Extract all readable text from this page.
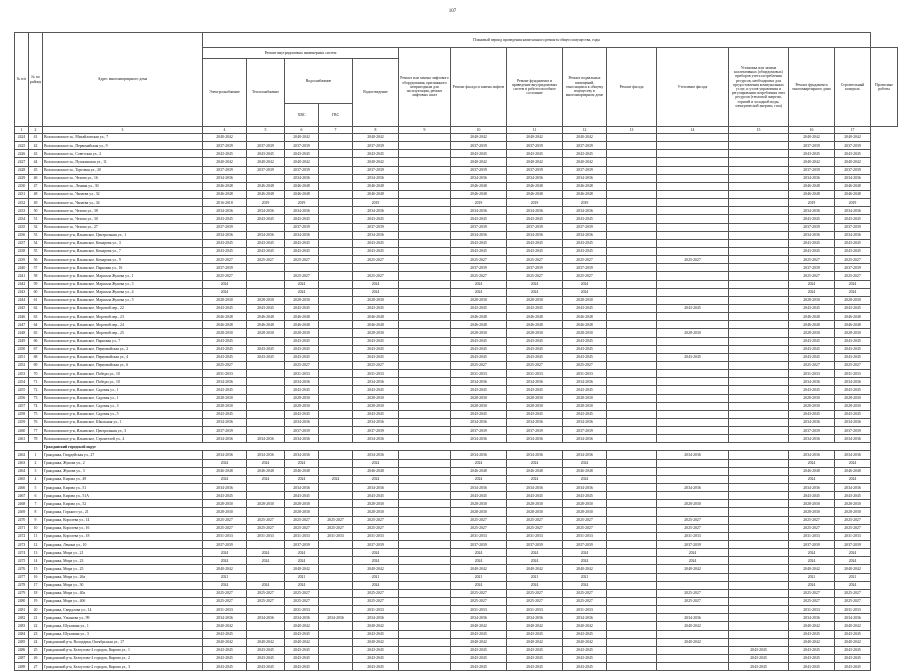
107
№ п/п	№ по району	Адрес многоквартирного дома	Плановый период проведения капитального ремонта общего имущества, годы														
			Ремонт внутридомовых инженерных систем					Ремонт или замена лифтового оборудования, признанного непригодным для эксплуатации, ремонт лифтовых шахт	Ремонт фасада и замена лифтов	Ремонт фундамента и приведение внутридомовых систем в работоспособное состояние	Ремонт подвальных помещений, относящихся к общему имуществу в многоквартирном доме	Ремонт фасада	Утепление фасада	Установка или замена коллективных (общедомовых) приборов учета потребления ресурсов, необходимых для предоставления коммунальных услуг, и узлов управления и регулирования потребления этих ресурсов (тепловой энергии, горячей и холодной воды, электрической энергии, газа)	Ремонт фундамента многоквартирного дома	Строительный контроль	Проектные работы
			Электроснабжение	Теплоснабжение	Водоснабжение		Водоотведение										
					ХВС	ГВС											
1	2	3	4	5	6	7	8	9	10	11	12	13	14	15	16	17	
2424	41	Волоколамское ш., Михайловская ул., 7	2040-2042		2040-2042		2040-2042		2040-2042	2040-2042	2040-2042				2040-2042	2040-2042	
2425	42	Волоколамское ш., Первомайская ул., 9	2037-2039	2037-2039	2037-2039		2037-2039		2037-2039	2037-2039	2037-2039				2037-2039	2037-2039	
2426	43	Волоколамское ш., Советская ул., 2	2043-2045	2043-2045	2043-2045		2043-2045		2043-2045	2043-2045	2043-2045				2043-2045	2043-2045	
2427	44	Волоколамское ш., Пушкинская ул., 11	2040-2042	2040-2042	2040-2042		2040-2042		2040-2042	2040-2042	2040-2042				2040-2042	2040-2042	
2428	45	Волоколамское ш., Торговая ул., 20	2037-2039	2037-2039	2037-2039		2037-2039		2037-2039	2037-2039	2037-2039				2037-2039	2037-2039	
2429	46	Волоколамское ш., Чехова ул., 16	2034-2036		2034-2036		2034-2036		2034-2036	2034-2036	2034-2036				2034-2036	2034-2036	
2430	47	Волоколамское ш., Ленина ул., 30	2046-2048	2046-2048	2046-2048		2046-2048		2046-2048	2046-2048	2046-2048				2046-2048	2046-2048	
2431	48	Волоколамское ш., Чапаева ул., 32	2046-2048	2046-2048	2046-2048		2046-2048		2046-2048	2046-2048	2046-2048				2046-2048	2046-2048	
2432	49	Волоколамское ш., Чапаева ул., 34	2016-2018	2019	2019		2019		2019	2019	2019				2019	2019	
2433	50	Волоколамское ш., Чехова ул., 38	2034-2036	2034-2036	2034-2036		2034-2036		2034-2036	2034-2036	2034-2036				2034-2036	2034-2036	
2434	51	Волоколамское ш., Чехова ул., 30	2043-2045	2043-2045	2043-2045		2043-2045		2043-2045	2043-2045	2043-2045				2043-2045	2043-2045	
2435	52	Волоколамское ш., Чехова ул., 27	2037-2039		2037-2039		2037-2039		2037-2039	2037-2039	2037-2039				2037-2039	2037-2039	
2436	53	Волоколамское р-н, Ильинское, Центральная ул., 1	2034-2036	2034-2036	2034-2036		2034-2036		2034-2036	2034-2036	2034-2036				2034-2036	2034-2036	
2437	54	Волоколамское р-н, Ильинское, Комарова ул., 3	2043-2045	2043-2045	2043-2045		2043-2045		2043-2045	2043-2045	2043-2045				2043-2045	2043-2045	
2438	55	Волоколамское р-н, Ильинское, Комарова ул., 7	2043-2045	2043-2045	2043-2045		2043-2045		2043-2045	2043-2045	2043-2045				2043-2045	2043-2045	
2439	56	Волоколамское р-н, Ильинское, Комарова ул., 9	2025-2027	2025-2027	2025-2027		2025-2027		2025-2027	2025-2027	2025-2027		2025-2027		2025-2027	2025-2027	
2440	57	Волоколамское р-н, Ильинское, Парковая ул., 16	2037-2039						2037-2039	2037-2039	2037-2039				2037-2039	2037-2039	
2441	58	Волоколамское р-н, Ильинское, Маршала Жукова ул., 1	2025-2027		2025-2027		2025-2027		2025-2027	2025-2027	2025-2027				2025-2027	2025-2027	
2442	59	Волоколамское р-н, Ильинское, Маршала Жукова ул., 3	2024		2024		2024		2024	2024	2024				2024	2024	
2443	60	Волоколамское р-н, Ильинское, Маршала Жукова ул., 4	2024		2024		2024		2024	2024	2024				2024	2024	
2444	61	Волоколамское р-н, Ильинское, Маршала Жукова ул., 5	2028-2030	2028-2030	2028-2030		2028-2030		2028-2030	2028-2030	2028-2030				2028-2030	2028-2030	
2445	62	Волоколамское р-н, Ильинское, Моровой пер., 22	2043-2045	2043-2045	2043-2045		2043-2045		2043-2045	2043-2045	2043-2045		2043-2045		2043-2045	2043-2045	
2446	63	Волоколамское р-н, Ильинское, Моровой пер., 23	2046-2048	2046-2048	2046-2048		2046-2048		2046-2048	2046-2048	2046-2048				2046-2048	2046-2048	
2447	64	Волоколамское р-н, Ильинское, Моровой пер., 24	2046-2048	2046-2048	2046-2048		2046-2048		2046-2048	2046-2048	2046-2048				2046-2048	2046-2048	
2448	65	Волоколамское р-н, Ильинское, Моровой пер., 25	2028-2030	2028-2030	2028-2030		2028-2030		2028-2030	2028-2030	2028-2030		2028-2030		2028-2030	2028-2030	
2449	66	Волоколамское р-н, Ильинское, Парковая ул., 7	2043-2045		2043-2045		2043-2045		2043-2045	2043-2045	2043-2045				2043-2045	2043-2045	
2450	67	Волоколамское р-н, Ильинское, Первомайская ул., 2	2043-2045	2043-2045	2043-2045		2043-2045		2043-2045	2043-2045	2043-2045				2043-2045	2043-2045	
2451	68	Волоколамское р-н, Ильинское, Первомайская ул., 4	2043-2045	2043-2045	2043-2045		2043-2045		2043-2045	2043-2045	2043-2045		2043-2045		2043-2045	2043-2045	
2452	69	Волоколамское р-н, Ильинское, Первомайская ул., 6	2025-2027		2025-2027		2025-2027		2025-2027	2025-2027	2025-2027				2025-2027	2025-2027	
2453	70	Волоколамское р-н, Ильинское, Победы ул., 10	2031-2033		2031-2033		2031-2033		2031-2033	2031-2033	2031-2033				2031-2033	2031-2033	
2454	71	Волоколамское р-н, Ильинское, Победы ул., 10	2034-2036		2034-2036		2034-2036		2034-2036	2034-2036	2034-2036				2034-2036	2034-2036	
2455	72	Волоколамское р-н, Ильинское, Садовая ул., 1	2043-2045		2043-2045		2043-2045		2043-2045	2043-2045	2043-2045				2043-2045	2043-2045	
2456	73	Волоколамское р-н, Ильинское, Садовая ул., 1	2028-2030		2028-2030		2028-2030		2028-2030	2028-2030	2028-2030				2028-2030	2028-2030	
2457	74	Волоколамское р-н, Ильинское, Садовая ул., 3	2028-2030		2028-2030		2028-2030		2028-2030	2028-2030	2028-2030				2028-2030	2028-2030	
2458	75	Волоколамское р-н, Ильинское, Садовая ул., 5	2043-2045		2043-2045		2043-2045		2043-2045	2043-2045	2043-2045				2043-2045	2043-2045	
2459	76	Волоколамское р-н, Ильинское, Школьная ул., 1	2034-2036		2034-2036		2034-2036		2034-2036	2034-2036	2034-2036				2034-2036	2034-2036	
2460	77	Волоколамское р-н, Ильинское, Центральная ул., 3	2037-2039		2037-2039		2037-2039		2037-2039	2037-2039	2037-2039				2037-2039	2037-2039	
2461	78	Волоколамское р-н, Ильинское, Строителей ул., 4	2034-2036	2034-2036	2034-2036		2034-2036		2034-2036	2034-2036	2034-2036				2034-2036	2034-2036	
		Гражданский городской округ															
2462	1	Гражданка, Гвардейская ул., 27	2034-2036	2034-2036	2034-2036		2034-2036		2034-2036	2034-2036	2034-2036		2034-2036		2034-2036	2034-2036	
2463	2	Гражданка, Жукова ул., 2	2024	2024	2024		2024		2024	2024	2024				2024	2024	
2464	3	Гражданка, Жукова ул., 3	2046-2048	2046-2048	2046-2048		2046-2048		2046-2048	2046-2048	2046-2048				2046-2048	2046-2048	
2465	4	Гражданка, Кирова ул., 49	2024	2024	2024	2024	2024		2024	2024	2024				2024	2024	
2466	5	Гражданка, Кирова ул., 51	2034-2036		2034-2036		2034-2036		2034-2036	2034-2036	2034-2036		2034-2036		2034-2036	2034-2036	
2467	6	Гражданка, Кирова ул., 51А	2043-2045		2043-2045		2043-2045		2043-2045	2043-2045	2043-2045				2043-2045	2043-2045	
2468	7	Гражданка, Кирова ул., 52	2028-2030	2028-2030	2028-2030		2028-2030		2028-2030	2028-2030	2028-2030		2028-2030		2028-2030	2028-2030	
2469	8	Гражданка, Горького ул., 21	2028-2030		2028-2030		2028-2030		2028-2030	2028-2030	2028-2030				2028-2030	2028-2030	
2470	9	Гражданка, Королева ул., 14	2025-2027	2025-2027	2025-2027	2025-2027	2025-2027		2025-2027	2025-2027	2025-2027		2025-2027		2025-2027	2025-2027	
2471	10	Гражданка, Королева ул., 16	2025-2027	2025-2027	2025-2027	2025-2027	2025-2027		2025-2027	2025-2027	2025-2027		2025-2027		2025-2027	2025-2027	
2472	11	Гражданка, Королева ул., 18	2031-2033	2031-2033	2031-2033	2031-2033	2031-2033		2031-2033	2031-2033	2031-2033		2031-2033		2031-2033	2031-2033	
2473	12	Гражданка, Ленина ул., 10	2037-2039		2037-2039		2037-2039		2037-2039	2037-2039	2037-2039		2037-2039		2037-2039	2037-2039	
2474	13	Гражданка, Мира ул., 21	2024	2024	2024		2024		2024	2024	2024		2024		2024	2024	
2475	14	Гражданка, Мира ул., 23	2024	2024	2024		2024		2024	2024	2024		2024		2024	2024	
2476	15	Гражданка, Мира ул., 25	2040-2042		2040-2042		2040-2042		2040-2042	2040-2042	2040-2042		2040-2042		2040-2042	2040-2042	
2477	16	Гражданка, Мира ул., 26а	2021		2021		2021		2021	2021	2021				2021	2021	
2478	17	Гражданка, Мира ул., 30	2024	2024	2024		2024		2024	2024	2024				2024	2024	
2479	18	Гражданка, Мира ул., 40а	2025-2027	2025-2027	2025-2027		2025-2027		2025-2027	2025-2027	2025-2027		2025-2027		2025-2027	2025-2027	
2480	19	Гражданка, Мира ул., 40б	2025-2027	2025-2027	2025-2027		2025-2027		2025-2027	2025-2027	2025-2027		2025-2027		2025-2027	2025-2027	
2481	20	Гражданка, Свердлова ул., 14	2031-2033		2031-2033		2031-2033		2031-2033	2031-2033	2031-2033				2031-2033	2031-2033	
2482	21	Гражданка, Ульянова ул., 99	2034-2036	2034-2036	2034-2036	2034-2036	2034-2036		2034-2036	2034-2036	2034-2036		2034-2036		2034-2036	2034-2036	
2483	22	Гражданка, Шукшина ул., 1	2040-2042		2040-2042		2040-2042		2040-2042	2040-2042	2040-2042		2040-2042		2040-2042	2040-2042	
2484	23	Гражданка, Шукшина ул., 3	2043-2045		2043-2045		2043-2045		2043-2045	2043-2045	2043-2045				2043-2045	2043-2045	
2485	24	Гражданский р-н, Володарка, Октябрьская ул., 17	2040-2042	2040-2042	2040-2042		2040-2042		2040-2042	2040-2042	2040-2042		2040-2042		2040-2042	2040-2042	
2486	25	Гражданский р-н, Белоусово-2 городок, Кирова ул., 1	2043-2045	2043-2045	2043-2045		2043-2045		2043-2045	2043-2045	2043-2045			2043-2045	2043-2045	2043-2045	
2487	26	Гражданский р-н, Белоусово-2 городок, Кирова ул., 2	2043-2045	2043-2045	2043-2045		2043-2045		2043-2045	2043-2045	2043-2045			2043-2045	2043-2045	2043-2045	
2488	27	Гражданский р-н, Белоусово-2 городок, Кирова ул., 3	2043-2045	2043-2045	2043-2045		2043-2045		2043-2045	2043-2045	2043-2045			2043-2045	2043-2045	2043-2045	
